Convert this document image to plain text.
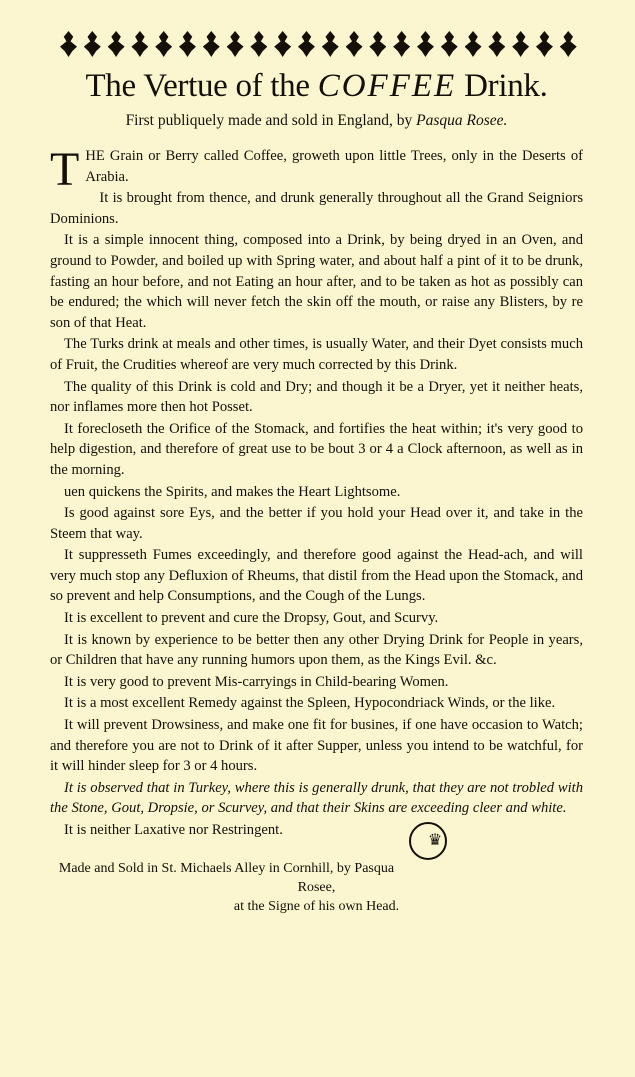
The Vertue of the COFFEE Drink.
First publiquely made and sold in England, by Pasqua Rosee.

THE Grain or Berry called Coffee, groweth upon little Trees, only in the Deserts of Arabia.

It is brought from thence, and drunk generally throughout all the Grand Seigniors Dominions.

It is a simple innocent thing, composed into a Drink, by being dryed in an Oven, and ground to Powder, and boiled up with Spring water, and about half a pint of it to be drunk, fasting an hour before, and not Eating an hour after, and to be taken as hot as possibly can be endured; the which will never fetch the skin off the mouth, or raise any Blisters, by re son of that Heat.

The Turks drink at meals and other times, is usually Water, and their Dyet consists much of Fruit, the Crudities whereof are very much corrected by this Drink.

The quality of this Drink is cold and Dry; and though it be a Dryer, yet it neither heats, nor inflames more then hot Posset.

It forecloseth the Orifice of the Stomack, and fortifies the heat within; it's very good to help digestion, and therefore of great use to be bout 3 or 4 a Clock afternoon, as well as in the morning.

uen quickens the Spirits, and makes the Heart Lightsome.

Is good against sore Eys, and the better if you hold your Head over it, and take in the Steem that way.

It suppresseth Fumes exceedingly, and therefore good against the Head-ach, and will very much stop any Defluxion of Rheums, that distil from the Head upon the Stomack, and so prevent and help Consumptions, and the Cough of the Lungs.

It is excellent to prevent and cure the Dropsy, Gout, and Scurvy.

It is known by experience to be better then any other Drying Drink for People in years, or Children that have any running humors upon them, as the Kings Evil. &c.

It is very good to prevent Mis-carryings in Child-bearing Women.

It is a most excellent Remedy against the Spleen, Hypocondriack Winds, or the like.

It will prevent Drowsiness, and make one fit for busines, if one have occasion to Watch; and therefore you are not to Drink of it after Supper, unless you intend to be watchful, for it will hinder sleep for 3 or 4 hours.

It is observed that in Turkey, where this is generally drunk, that they are not trobled with the Stone, Gout, Dropsie, or Scurvey, and that their Skins are exceeding cleer and white.

♛
It is neither Laxative nor Restringent.

Made and Sold in St. Michaels Alley in Cornhill, by Pasqua Rosee,
at the Signe of his own Head.
